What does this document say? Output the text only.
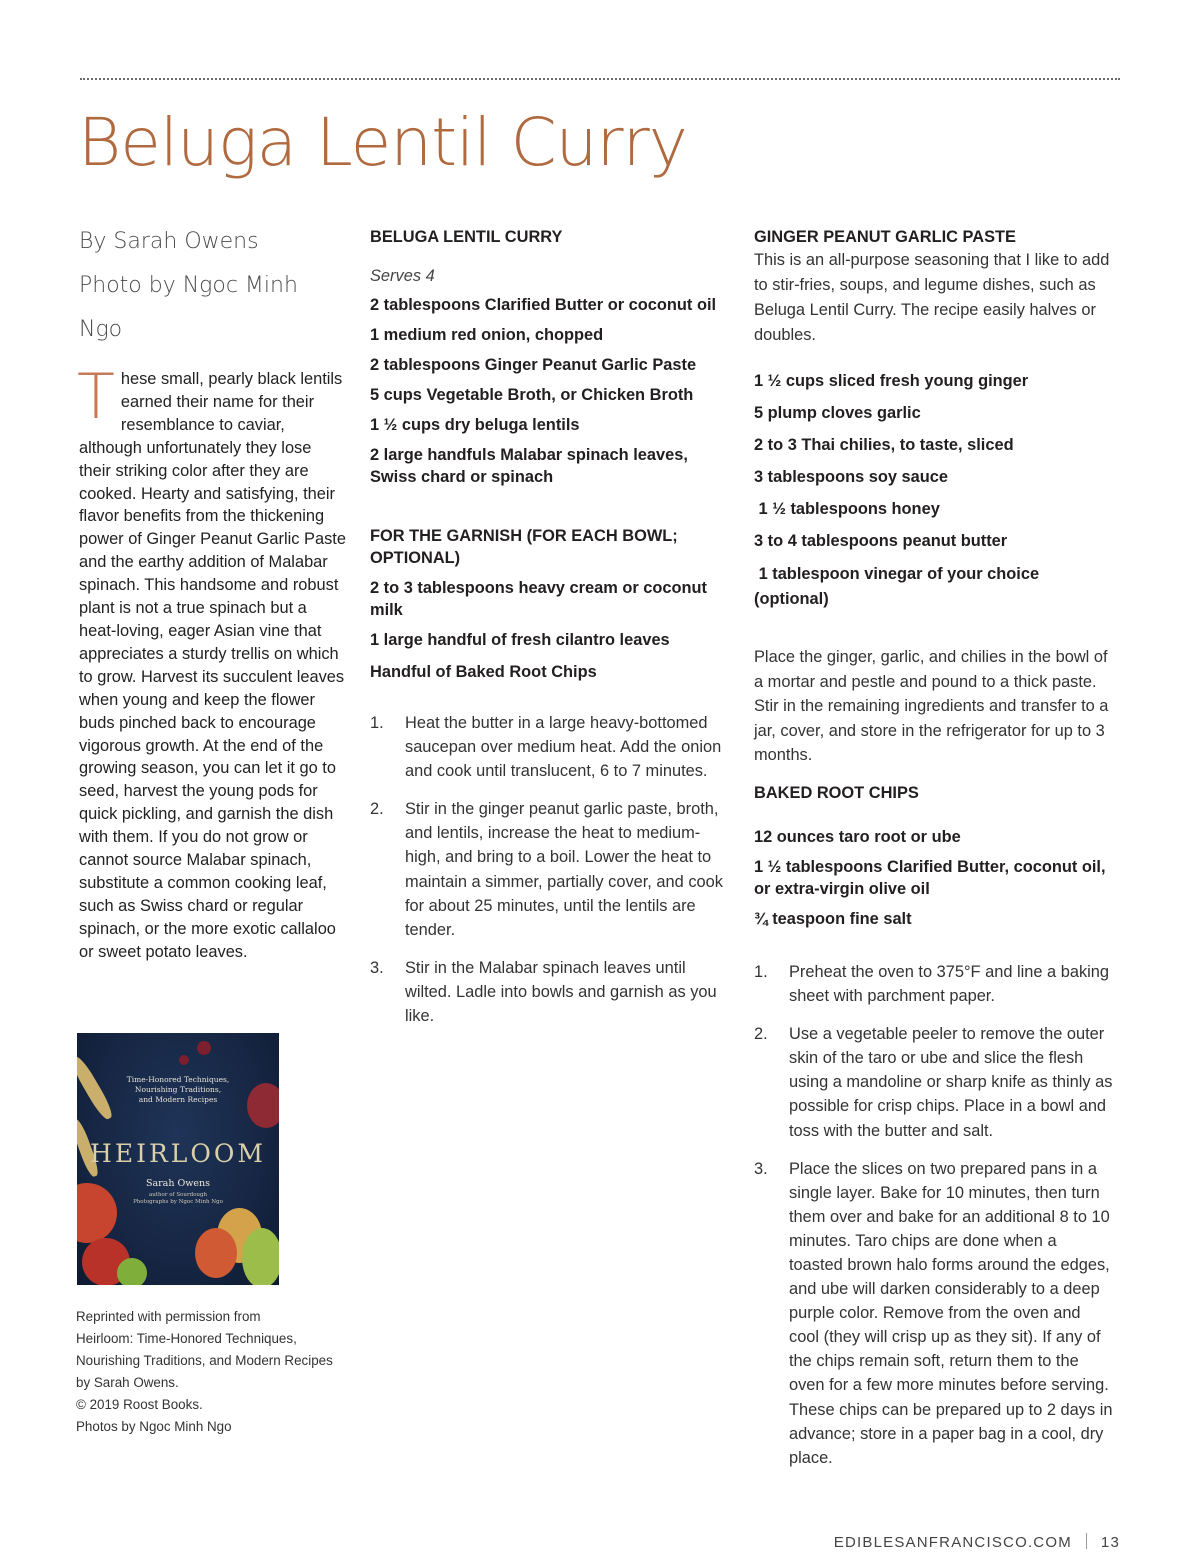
Beluga Lentil Curry
By Sarah Owens
Photo by Ngoc Minh Ngo
These small, pearly black lentils earned their name for their resemblance to caviar, although unfortunately they lose their striking color after they are cooked. Hearty and satisfying, their flavor benefits from the thickening power of Ginger Peanut Garlic Paste and the earthy addition of Malabar spinach. This handsome and robust plant is not a true spinach but a heat-loving, eager Asian vine that appreciates a sturdy trellis on which to grow. Harvest its succulent leaves when young and keep the flower buds pinched back to encourage vigorous growth. At the end of the growing season, you can let it go to seed, harvest the young pods for quick pickling, and garnish the dish with them. If you do not grow or cannot source Malabar spinach, substitute a common cooking leaf, such as Swiss chard or regular spinach, or the more exotic callaloo or sweet potato leaves.
Time-Honored Techniques,
Nourishing Traditions,
and Modern Recipes
HEIRLOOM
Sarah Owens
author of Sourdough
Photographs by Ngoc Minh Ngo
Reprinted with permission from
Heirloom: Time-Honored Techniques,
Nourishing Traditions, and Modern Recipes
by Sarah Owens.
© 2019 Roost Books.
Photos by Ngoc Minh Ngo
BELUGA LENTIL CURRY
Serves 4
2 tablespoons Clarified Butter or coconut oil
1 medium red onion, chopped
2 tablespoons Ginger Peanut Garlic Paste
5 cups Vegetable Broth, or Chicken Broth
1 ½ cups dry beluga lentils
2 large handfuls Malabar spinach leaves, Swiss chard or spinach
FOR THE GARNISH (FOR EACH BOWL; OPTIONAL)
2 to 3 tablespoons heavy cream or coconut milk
1 large handful of fresh cilantro leaves
Handful of Baked Root Chips
1. Heat the butter in a large heavy-bottomed saucepan over medium heat. Add the onion and cook until translucent, 6 to 7 minutes.
2. Stir in the ginger peanut garlic paste, broth, and lentils, increase the heat to medium-high, and bring to a boil. Lower the heat to maintain a simmer, partially cover, and cook for about 25 minutes, until the lentils are tender.
3. Stir in the Malabar spinach leaves until wilted. Ladle into bowls and garnish as you like.
GINGER PEANUT GARLIC PASTE
This is an all-purpose seasoning that I like to add to stir-fries, soups, and legume dishes, such as Beluga Lentil Curry. The recipe easily halves or doubles.
1 ½ cups sliced fresh young ginger
5 plump cloves garlic
2 to 3 Thai chilies, to taste, sliced
3 tablespoons soy sauce
1 ½ tablespoons honey
3 to 4 tablespoons peanut butter
1 tablespoon vinegar of your choice (optional)
Place the ginger, garlic, and chilies in the bowl of a mortar and pestle and pound to a thick paste. Stir in the remaining ingredients and transfer to a jar, cover, and store in the refrigerator for up to 3 months.
BAKED ROOT CHIPS
12 ounces taro root or ube
1 ½ tablespoons Clarified Butter, coconut oil, or extra-virgin olive oil
¾ teaspoon fine salt
1. Preheat the oven to 375°F and line a baking sheet with parchment paper.
2. Use a vegetable peeler to remove the outer skin of the taro or ube and slice the flesh using a mandoline or sharp knife as thinly as possible for crisp chips. Place in a bowl and toss with the butter and salt.
3. Place the slices on two prepared pans in a single layer. Bake for 10 minutes, then turn them over and bake for an additional 8 to 10 minutes. Taro chips are done when a toasted brown halo forms around the edges, and ube will darken considerably to a deep purple color. Remove from the oven and cool (they will crisp up as they sit). If any of the chips remain soft, return them to the oven for a few more minutes before serving. These chips can be prepared up to 2 days in advance; store in a paper bag in a cool, dry place.
EDIBLESANFRANCISCO.COM 13
